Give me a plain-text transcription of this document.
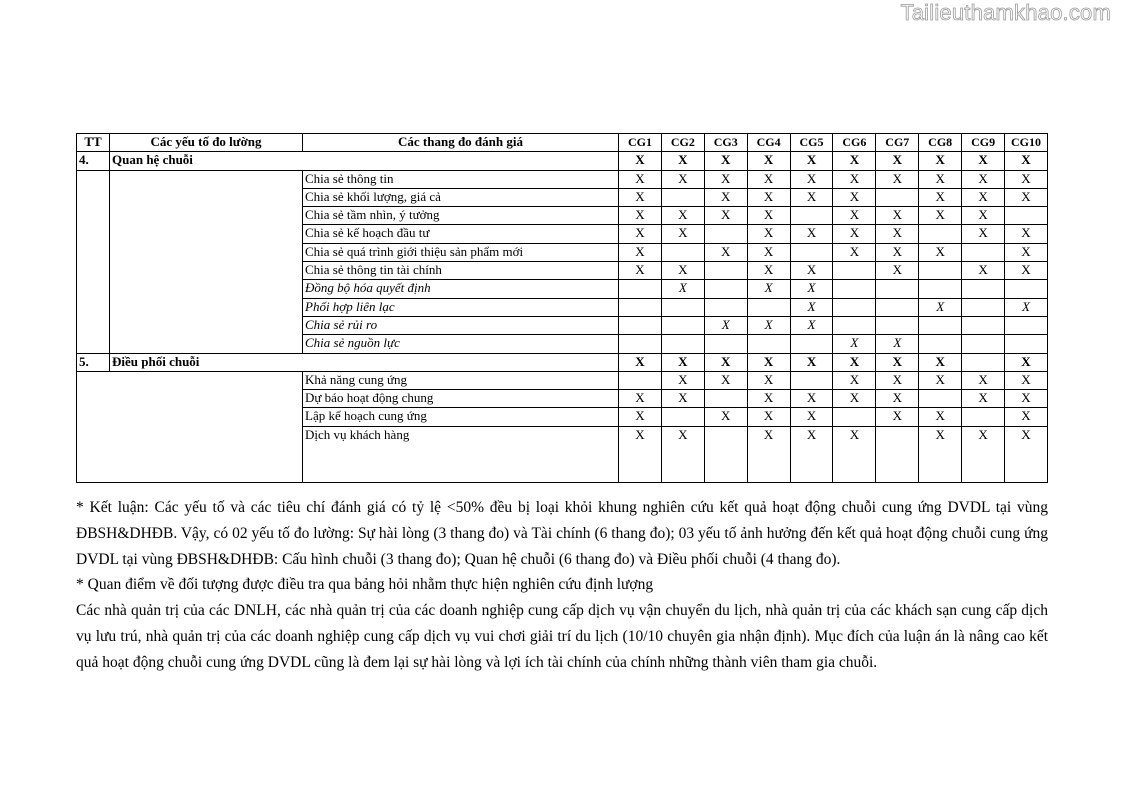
Tailieuthamkhao.com
TT	Các yếu tố đo lường	Các thang đo đánh giá	CG1	CG2	CG3	CG4	CG5	CG6	CG7	CG8	CG9	CG10
4.	Quan hệ chuỗi		X	X	X	X	X	X	X	X	X	X
		Chia sẻ thông tin	X	X	X	X	X	X	X	X	X	X
		Chia sẻ khối lượng, giá cả	X		X	X	X	X		X	X	X
		Chia sẻ tầm nhìn, ý tưởng	X	X	X	X		X	X	X	X	
		Chia sẻ kế hoạch đầu tư	X	X		X	X	X	X		X	X
		Chia sẻ quá trình giới thiệu sản phẩm mới	X		X	X		X	X	X		X
		Chia sẻ thông tin tài chính	X	X		X	X		X		X	X
		Đồng bộ hóa quyết định		X		X	X					
		Phối hợp liên lạc					X			X		X
		Chia sẻ rủi ro			X	X	X					
		Chia sẻ nguồn lực						X	X			
5.	Điều phối chuỗi		X	X	X	X	X	X	X	X		X
		Khả năng cung ứng		X	X	X		X	X	X	X	X
		Dự báo hoạt động chung	X	X		X	X	X	X		X	X
		Lập kế hoạch cung ứng	X		X	X	X		X	X		X
		Dịch vụ khách hàng	X	X		X	X	X		X	X	X
* Kết luận: Các yếu tố và các tiêu chí đánh giá có tỷ lệ <50% đều bị loại khỏi khung nghiên cứu kết quả hoạt động chuỗi cung ứng DVDL tại vùng ĐBSH&DHĐB. Vậy, có 02 yếu tố đo lường: Sự hài lòng (3 thang đo) và Tài chính (6 thang đo); 03 yếu tố ảnh hưởng đến kết quả hoạt động chuỗi cung ứng DVDL tại vùng ĐBSH&DHĐB: Cấu hình chuỗi (3 thang đo); Quan hệ chuỗi (6 thang đo) và Điều phối chuỗi (4 thang đo).
* Quan điểm về đối tượng được điều tra qua bảng hỏi nhằm thực hiện nghiên cứu định lượng
Các nhà quản trị của các DNLH, các nhà quản trị của các doanh nghiệp cung cấp dịch vụ vận chuyển du lịch, nhà quản trị của các khách sạn cung cấp dịch vụ lưu trú, nhà quản trị của các doanh nghiệp cung cấp dịch vụ vui chơi giải trí du lịch (10/10 chuyên gia nhận định). Mục đích của luận án là nâng cao kết quả hoạt động chuỗi cung ứng DVDL cũng là đem lại sự hài lòng và lợi ích tài chính của chính những thành viên tham gia chuỗi.
